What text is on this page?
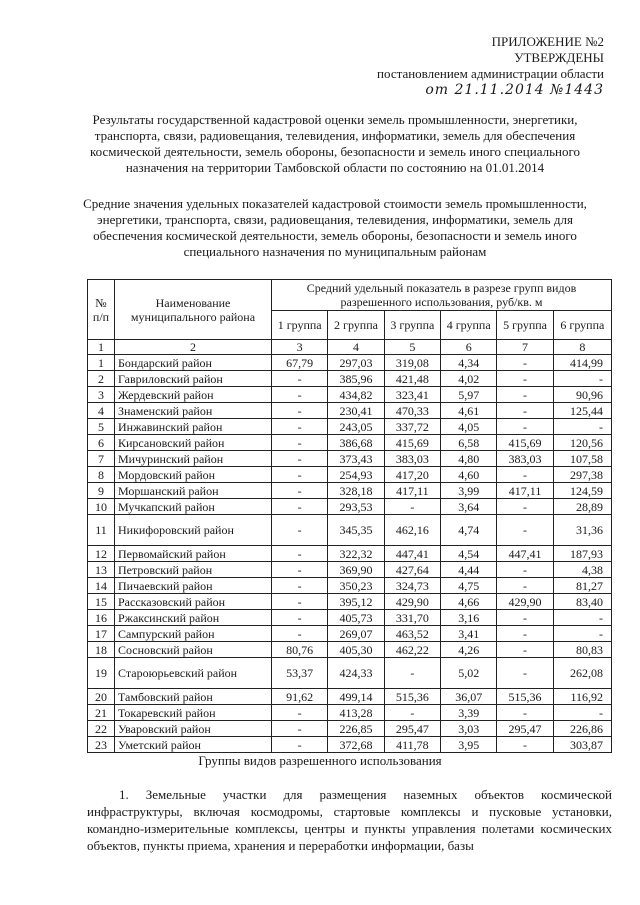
ПРИЛОЖЕНИЕ №2
УТВЕРЖДЕНЫ
постановлением администрации области
от 21.11.2014 №1443
Результаты государственной кадастровой оценки земель промышленности, энергетики, транспорта, связи, радиовещания, телевидения, информатики, земель для обеспечения космической деятельности, земель обороны, безопасности и земель иного специального назначения на территории Тамбовской области по состоянию на 01.01.2014
Средние значения удельных показателей кадастровой стоимости земель промышленности, энергетики, транспорта, связи, радиовещания, телевидения, информатики, земель для обеспечения космической деятельности, земель обороны, безопасности и земель иного специального назначения по муниципальным районам
№ п/п	Наименование муниципального района	Средний удельный показатель в разрезе групп видов разрешенного использования, руб/кв. м					
		1 группа	2 группа	3 группа	4 группа	5 группа	6 группа
1	2	3	4	5	6	7	8
1	Бондарский район	67,79	297,03	319,08	4,34	-	414,99
2	Гавриловский район	-	385,96	421,48	4,02	-	-
3	Жердевский район	-	434,82	323,41	5,97	-	90,96
4	Знаменский район	-	230,41	470,33	4,61	-	125,44
5	Инжавинский район	-	243,05	337,72	4,05	-	-
6	Кирсановский район	-	386,68	415,69	6,58	415,69	120,56
7	Мичуринский район	-	373,43	383,03	4,80	383,03	107,58
8	Мордовский район	-	254,93	417,20	4,60	-	297,38
9	Моршанский район	-	328,18	417,11	3,99	417,11	124,59
10	Мучкапский район	-	293,53	-	3,64	-	28,89
11	Никифоровский район	-	345,35	462,16	4,74	-	31,36
12	Первомайский район	-	322,32	447,41	4,54	447,41	187,93
13	Петровский район	-	369,90	427,64	4,44	-	4,38
14	Пичаевский район	-	350,23	324,73	4,75	-	81,27
15	Рассказовский район	-	395,12	429,90	4,66	429,90	83,40
16	Ржаксинский район	-	405,73	331,70	3,16	-	-
17	Сампурский район	-	269,07	463,52	3,41	-	-
18	Сосновский район	80,76	405,30	462,22	4,26	-	80,83
19	Староюрьевский район	53,37	424,33	-	5,02	-	262,08
20	Тамбовский район	91,62	499,14	515,36	36,07	515,36	116,92
21	Токаревский район	-	413,28	-	3,39	-	-
22	Уваровский район	-	226,85	295,47	3,03	295,47	226,86
23	Уметский район	-	372,68	411,78	3,95	-	303,87
Группы видов разрешенного использования
1. Земельные участки для размещения наземных объектов космической инфраструктуры, включая космодромы, стартовые комплексы и пусковые установки, командно-измерительные комплексы, центры и пункты управления полетами космических объектов, пункты приема, хранения и переработки информации, базы
